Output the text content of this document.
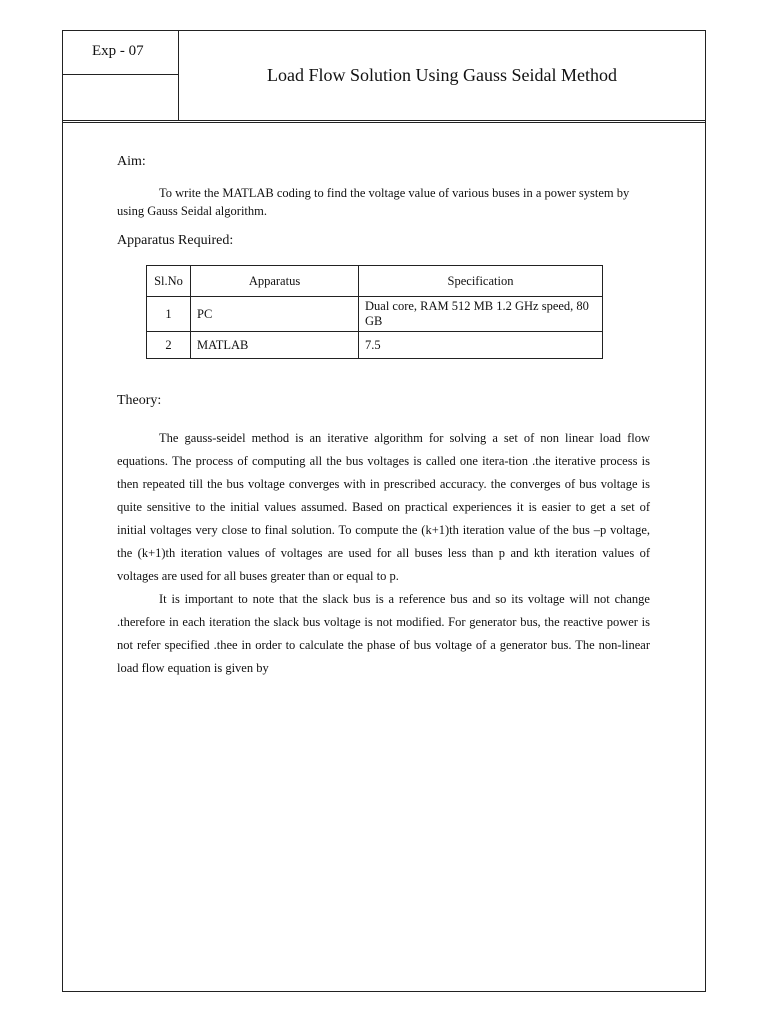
Exp - 07
Load Flow Solution Using Gauss Seidal Method
Aim:
To write the MATLAB coding to find the voltage value of various buses in a power system by using Gauss Seidal algorithm.
Apparatus Required:
Sl.No	Apparatus	Specification
1	PC	Dual core, RAM 512 MB 1.2 GHz speed, 80 GB
2	MATLAB	7.5
Theory:

The gauss-seidel method is an iterative algorithm for solving a set of non linear load flow equations. The process of computing all the bus voltages is called one itera-tion .the iterative process is then repeated till the bus voltage converges with in prescribed accuracy. the converges of bus voltage is quite sensitive to the initial values assumed. Based on practical experiences it is easier to get a set of initial voltages very close to final solution. To compute the (k+1)th iteration value of the bus –p voltage, the (k+1)th iteration values of voltages are used for all buses less than p and kth iteration values of voltages are used for all buses greater than or equal to p.

It is important to note that the slack bus is a reference bus and so its voltage will not change .therefore in each iteration the slack bus voltage is not modified. For generator bus, the reactive power is not refer specified .thee in order to calculate the phase of bus voltage of a generator bus. The non-linear load flow equation is given by
